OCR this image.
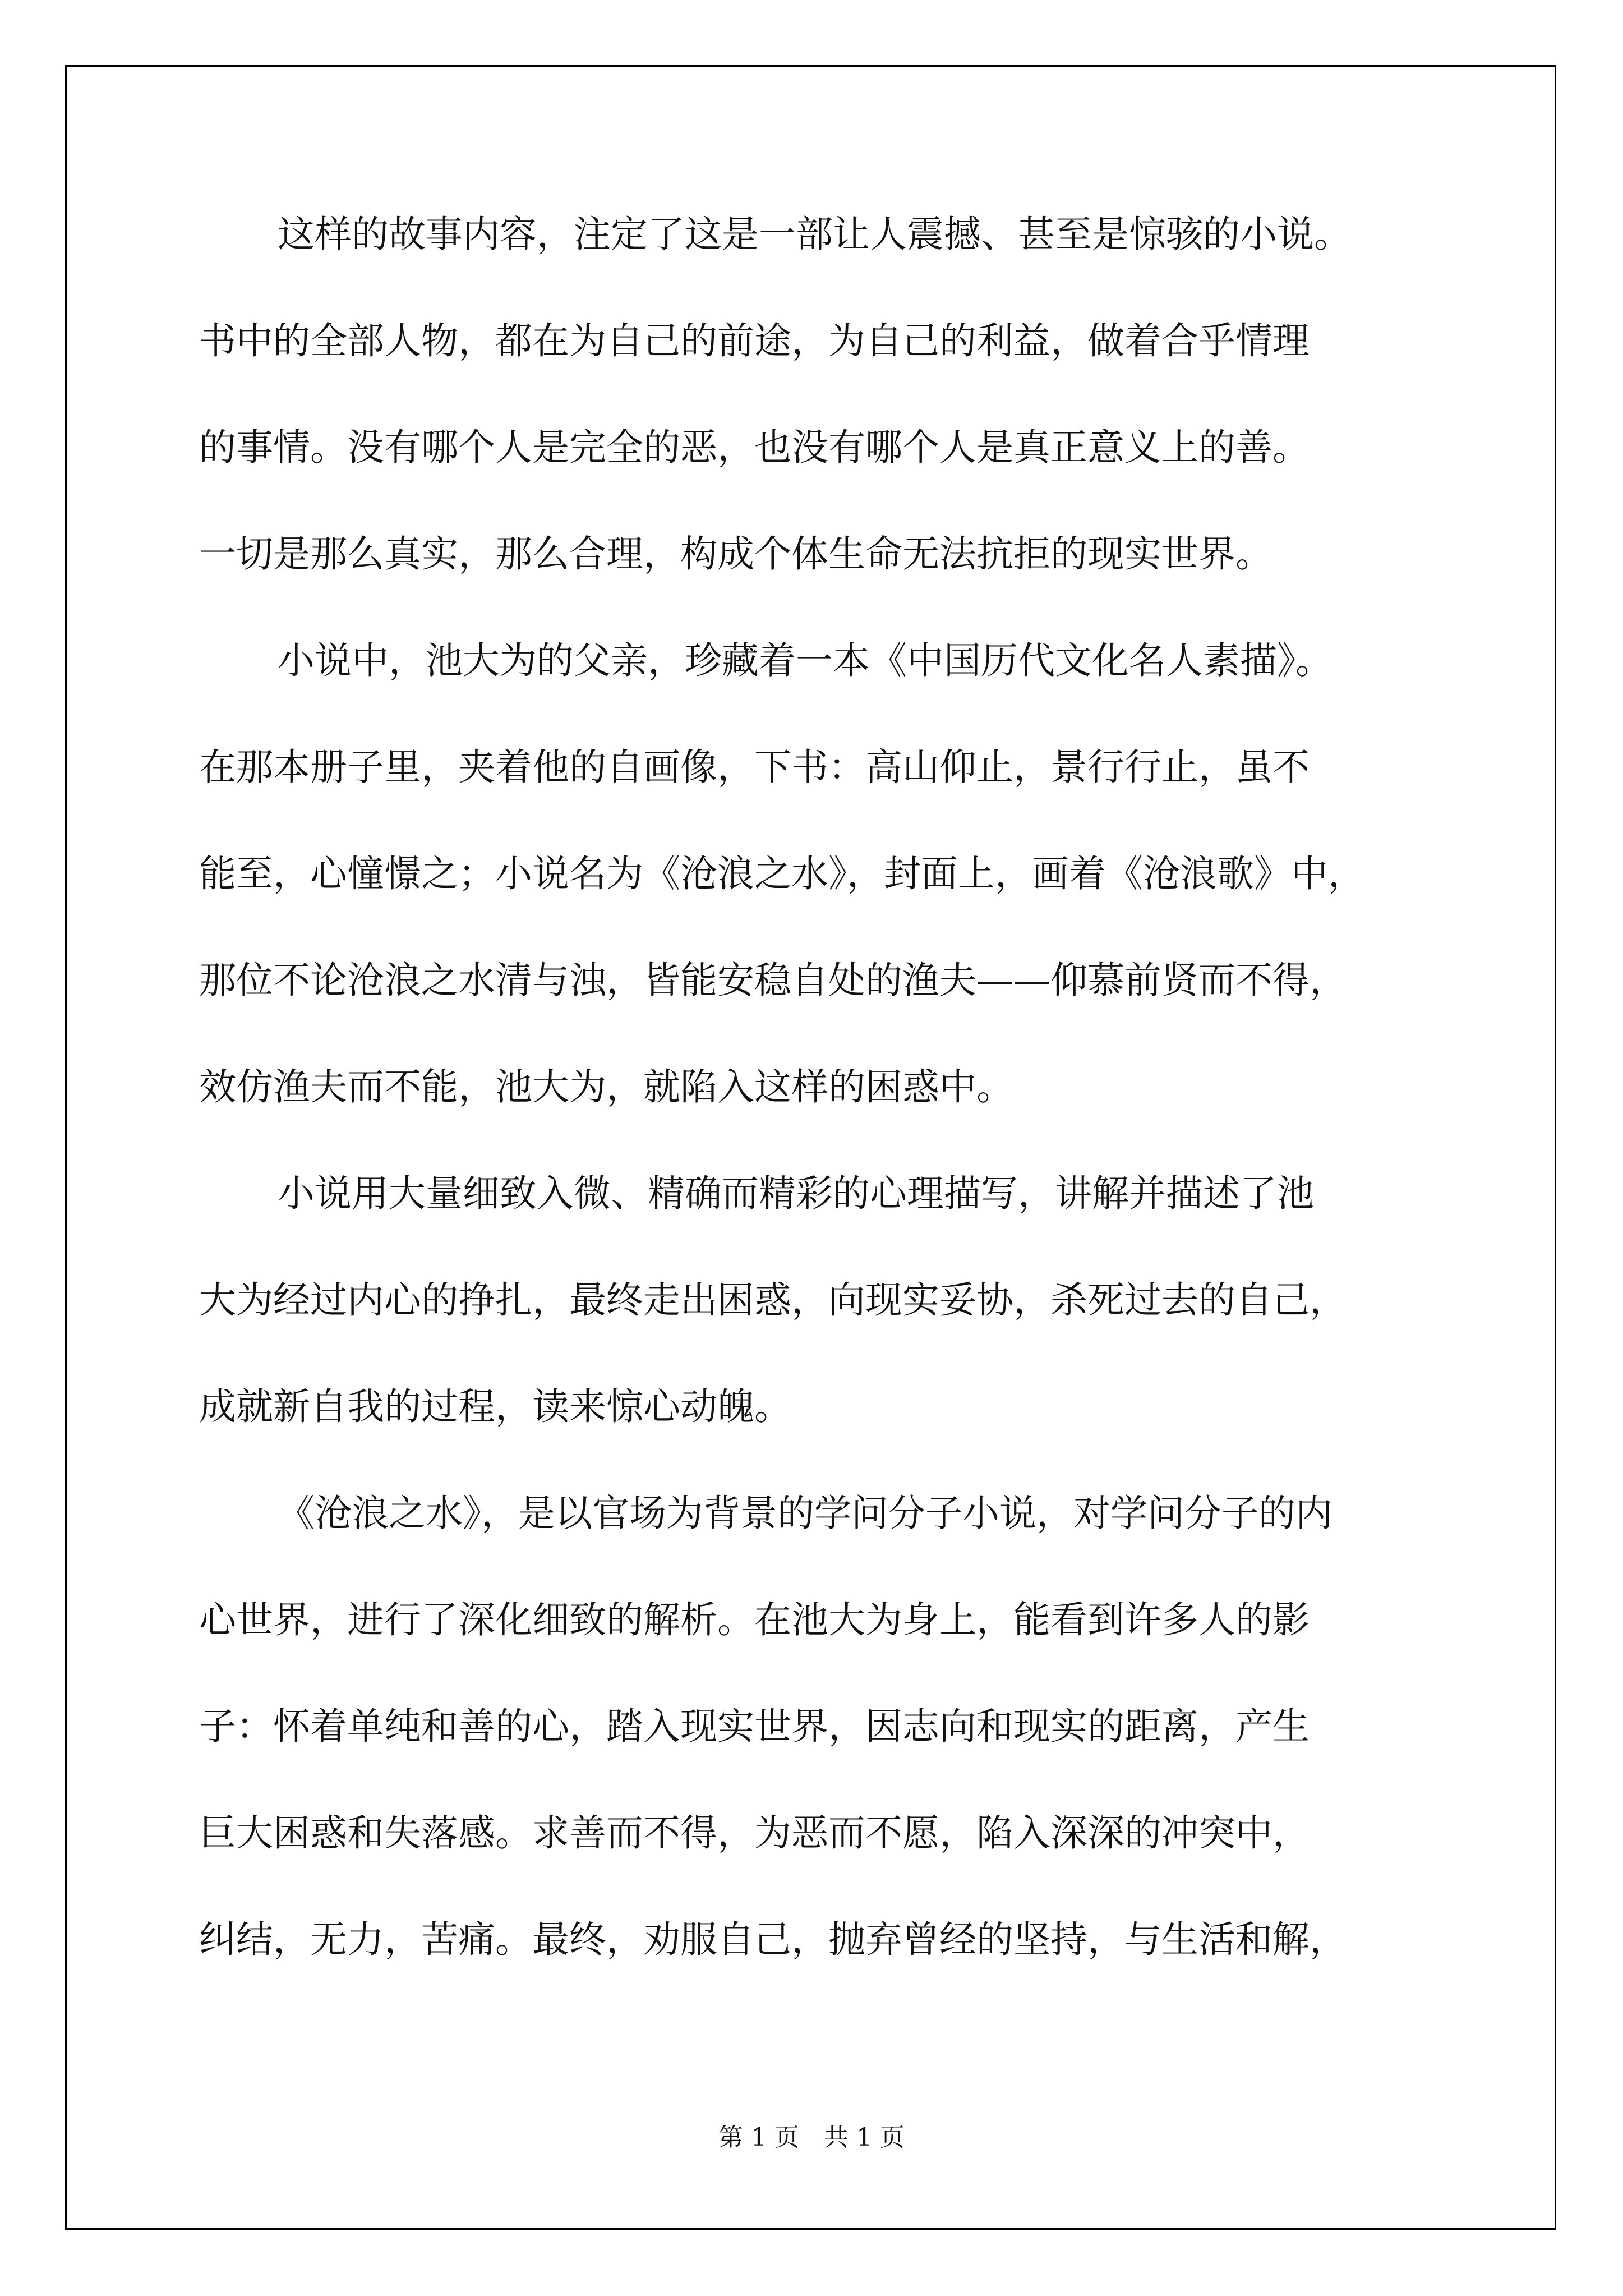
这样的故事内容，注定了这是一部让人震撼、甚至是惊骇的小说。
书中的全部人物，都在为自己的前途，为自己的利益，做着合乎情理
的事情。没有哪个人是完全的恶，也没有哪个人是真正意义上的善。
一切是那么真实，那么合理，构成个体生命无法抗拒的现实世界。
小说中，池大为的父亲，珍藏着一本《中国历代文化名人素描》。
在那本册子里，夹着他的自画像，下书：高山仰止，景行行止，虽不
能至，心憧憬之；小说名为《沧浪之水》，封面上，画着《沧浪歌》中，
那位不论沧浪之水清与浊，皆能安稳自处的渔夫——仰慕前贤而不得，
效仿渔夫而不能，池大为，就陷入这样的困惑中。
小说用大量细致入微、精确而精彩的心理描写，讲解并描述了池
大为经过内心的挣扎，最终走出困惑，向现实妥协，杀死过去的自己，
成就新自我的过程，读来惊心动魄。
《沧浪之水》，是以官场为背景的学问分子小说，对学问分子的内
心世界，进行了深化细致的解析。在池大为身上，能看到许多人的影
子：怀着单纯和善的心，踏入现实世界，因志向和现实的距离，产生
巨大困惑和失落感。求善而不得，为恶而不愿，陷入深深的冲突中，
纠结，无力，苦痛。最终，劝服自己，抛弃曾经的坚持，与生活和解，
第 1 页　共 1 页
